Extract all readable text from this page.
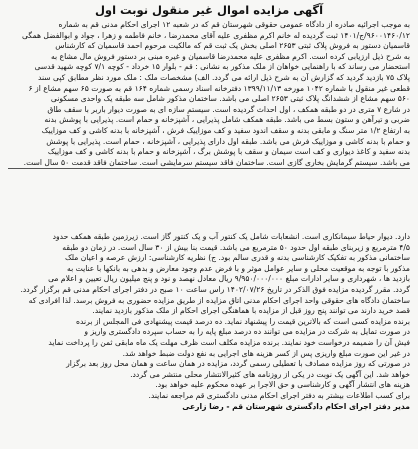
آگهی مزایده اموال غیر منقول نوبت اول
به موجب اجرائیه صادره از دادگاه عمومی حقوقی شهرستان قم که در شعبه ۱۲ اجرای احکام مدنی قم به شماره
۹۶۰۰۱۴۶۰/۱۲/ج/۱۴۰۱ ثبت گردیده له خانم اکرم مظفری علیه آقای محمدرضا ، خانم فاطمه و زهرا ، جواد و ابوالفضل همگی
قاسمیان دستور به فروش پلاک ثبتی ۲۶۵۳ اصلی بخش یک ثبت قم که مالکیت مرحوم احمد قاسمیان که کارشناس
به شرح ذیل ارزیابی کرده است. اکرم مظفری علیه محمدرضا قاسمیان و غیره مبنی بر دستور فروش مال مشاع به
استحضار می رساند که با راهنمایی خواهان از ملک مذکور به نشانی : قم - بلوار ۱۵ خرداد - کوچه ۷/۱ کوچه شهید قدسی
پلاک ۷۵ بازدید گردید که گزارش آن به شرح ذیل ارائه می گردد. الف) مشخصات ملک : ملک مورد نظر مطابق کپی سند
قطعی غیر منقول با شماره ۱۰۴۲ مورخه ۱۳۹۹/۱۱/۱۳ دفترخانه اسناد رسمی شماره ۱۶۴ قم به صورت ۶۵ سهم مشاع از ۶
۵۶۰ سهم مشاع از ششدانگ پلاک ثبتی ۲۶۵۳ اصلی می باشد. ساختمان مذکور شامل سه طبقه یک واحدی مسکونی
در شارع ۷ متری در دو طبقه همکف ، اول احداث گردیده است. سیستم سازه ای به صورت دیوار باربر با سقف طاق
ضربی و تیرآهن و ستون بسط می باشد. طبقه همکف شامل پذیرایی ، آشپزخانه و حمام است. پذیرایی با پوشش بدنه
به ارتفاع ۱/۲ متر سنگ و مابقی بدنه و سقف اندود سفید و کف موزاییک فرش ، آشپزخانه با بدنه کاشی و کف موزاییک
و حمام با بدنه کاشی و موزاییک فرش می باشد. طبقه اول دارای پذیرایی ، آشپزخانه ، حمام است. پذیرایی با پوشش
بدنه سفید و کاغذ دیواری و کف است سیمان و سقف با پوشش برگ ، آشپزخانه و حمام با بدنه کاشی و کف موزاییک
می باشد. سیستم گرمایش بخاری گازی است. ساختمان فاقد سیستم سرمایشی است. ساختمان فاقد قدمت ۵۰ سال است.
دارد. دیوار حیاط سیمانکاری است. انشعابات شامل یک کنتور آب و یک کنتور گاز است. زیرزمین طبقه همکف حدود
۴/۵ مترمربع و زیربنای طبقه اول حدود ۵۰ مترمربع می باشد. قیمت بنا بیش از ۳۰ سال است. در زمان دو طبقه
ساختمانی مذکور به تفکیک کارشناسی بدنه و قدری سالم بود. ج) نظریه کارشناسی: ارزش عرصه و اعیان ملک
مذکور با توجه به موقعیت محلی و سایر عوامل موثر و با فرض عدم وجود معارض و بدهی به بانکها با عنایت به
بازدید ها ، شهرداری و سایر ادارات مبلغ ۹/۹۵۰/۰۰۰/۰۰۰ ریال معادل نهصد و نود و پنج میلیون ریال تعیین و اعلام می
گردد. مقرر گردیده مزایده فوق الذکر در تاریخ ۱۴۰۲/۰۷/۲۶ راس ساعت ۱۰ صبح در دفتر اجرای احکام مدنی قم برگزار گردد.
ساختمان دادگاه های حقوقی واحد اجرای احکام مدنی اتاق مزایده از طریق مزایده حضوری به فروش برسد. لذا افرادی که
قصد خرید دارند می توانند پنج روز قبل از مزایده با هماهنگی اجرای احکام از ملک مذکور بازدید نمایند.
برنده مزایده کسی است که بالاترین قیمت را پیشنهاد نماید. ده درصد قیمت پیشنهادی فی المجلس از برنده
در صورت تمایل به شرکت در مزایده می توانند ده درصد مبلغ پایه را به حساب سپرده دادگستری واریز و
فیش آن را ضمیمه درخواست خود نمایند. برنده مزایده مکلف است ظرف مهلت یک ماه مابقی ثمن را پرداخت نماید
در غیر این صورت مبلغ واریزی پس از کسر هزینه های اجرایی به نفع دولت ضبط خواهد شد.
در صورتی که روز مزایده مصادف با تعطیلی رسمی گردد، مزایده در همان ساعت و همان محل روز بعد برگزار
خواهد شد. این آگهی یک نوبت در یکی از روزنامه های کثیرالانتشار محلی منتشر می گردد.
هزینه های انتشار آگهی و کارشناسی و حق الاجرا بر عهده محکوم علیه خواهد بود.
برای کسب اطلاعات بیشتر به دفتر اجرای احکام مدنی دادگستری قم مراجعه نمایند.
مدیر دفتر اجرای احکام دادگستری شهرستان قم - رضا زارعی
